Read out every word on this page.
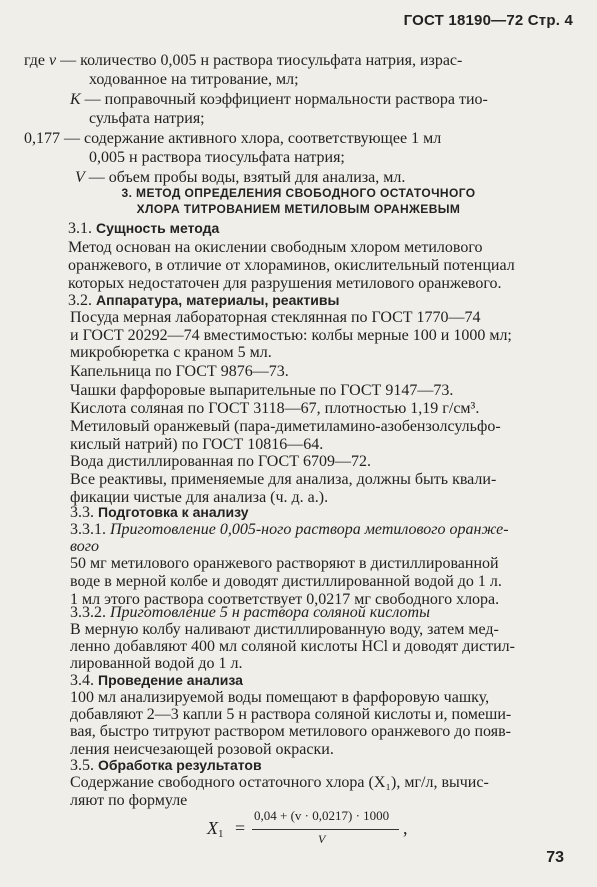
ГОСТ 18190—72 Стр. 4
где v — количество 0,005 н раствора тиосульфата натрия, израс-
ходованное на титрование, мл;
K — поправочный коэффициент нормальности раствора тио-
сульфата натрия;
0,177 — содержание активного хлора, соответствующее 1 мл
0,005 н раствора тиосульфата натрия;
V — объем пробы воды, взятый для анализа, мл.
3. МЕТОД ОПРЕДЕЛЕНИЯ СВОБОДНОГО ОСТАТОЧНОГО
ХЛОРА ТИТРОВАНИЕМ МЕТИЛОВЫМ ОРАНЖЕВЫМ
3.1. Сущность метода
Метод основан на окислении свободным хлором метилового
оранжевого, в отличие от хлораминов, окислительный потенциал
которых недостаточен для разрушения метилового оранжевого.
3.2. Аппаратура, материалы, реактивы
Посуда мерная лабораторная стеклянная по ГОСТ 1770—74
и ГОСТ 20292—74 вместимостью: колбы мерные 100 и 1000 мл;
микробюретка с краном 5 мл.
Капельница по ГОСТ 9876—73.
Чашки фарфоровые выпарительные по ГОСТ 9147—73.
Кислота соляная по ГОСТ 3118—67, плотностью 1,19 г/см³.
Метиловый оранжевый (пара-диметиламино-азобензолсульфо-
кислый натрий) по ГОСТ 10816—64.
Вода дистиллированная по ГОСТ 6709—72.
Все реактивы, применяемые для анализа, должны быть квали-
фикации чистые для анализа (ч. д. а.).
3.3. Подготовка к анализу
3.3.1. Приготовление 0,005-ного раствора метилового оранже-
вого
50 мг метилового оранжевого растворяют в дистиллированной
воде в мерной колбе и доводят дистиллированной водой до 1 л.
1 мл этого раствора соответствует 0,0217 мг свободного хлора.
3.3.2. Приготовление 5 н раствора соляной кислоты
В мерную колбу наливают дистиллированную воду, затем мед-
ленно добавляют 400 мл соляной кислоты HCl и доводят дистил-
лированной водой до 1 л.
3.4. Проведение анализа
100 мл анализируемой воды помещают в фарфоровую чашку,
добавляют 2—3 капли 5 н раствора соляной кислоты и, помеши-
вая, быстро титруют раствором метилового оранжевого до появ-
ления неисчезающей розовой окраски.
3.5. Обработка результатов
Содержание свободного остаточного хлора (X₁), мг/л, вычис-
ляют по формуле
X1 =
0,04 + (v · 0,0217) · 1000
V
,
73
